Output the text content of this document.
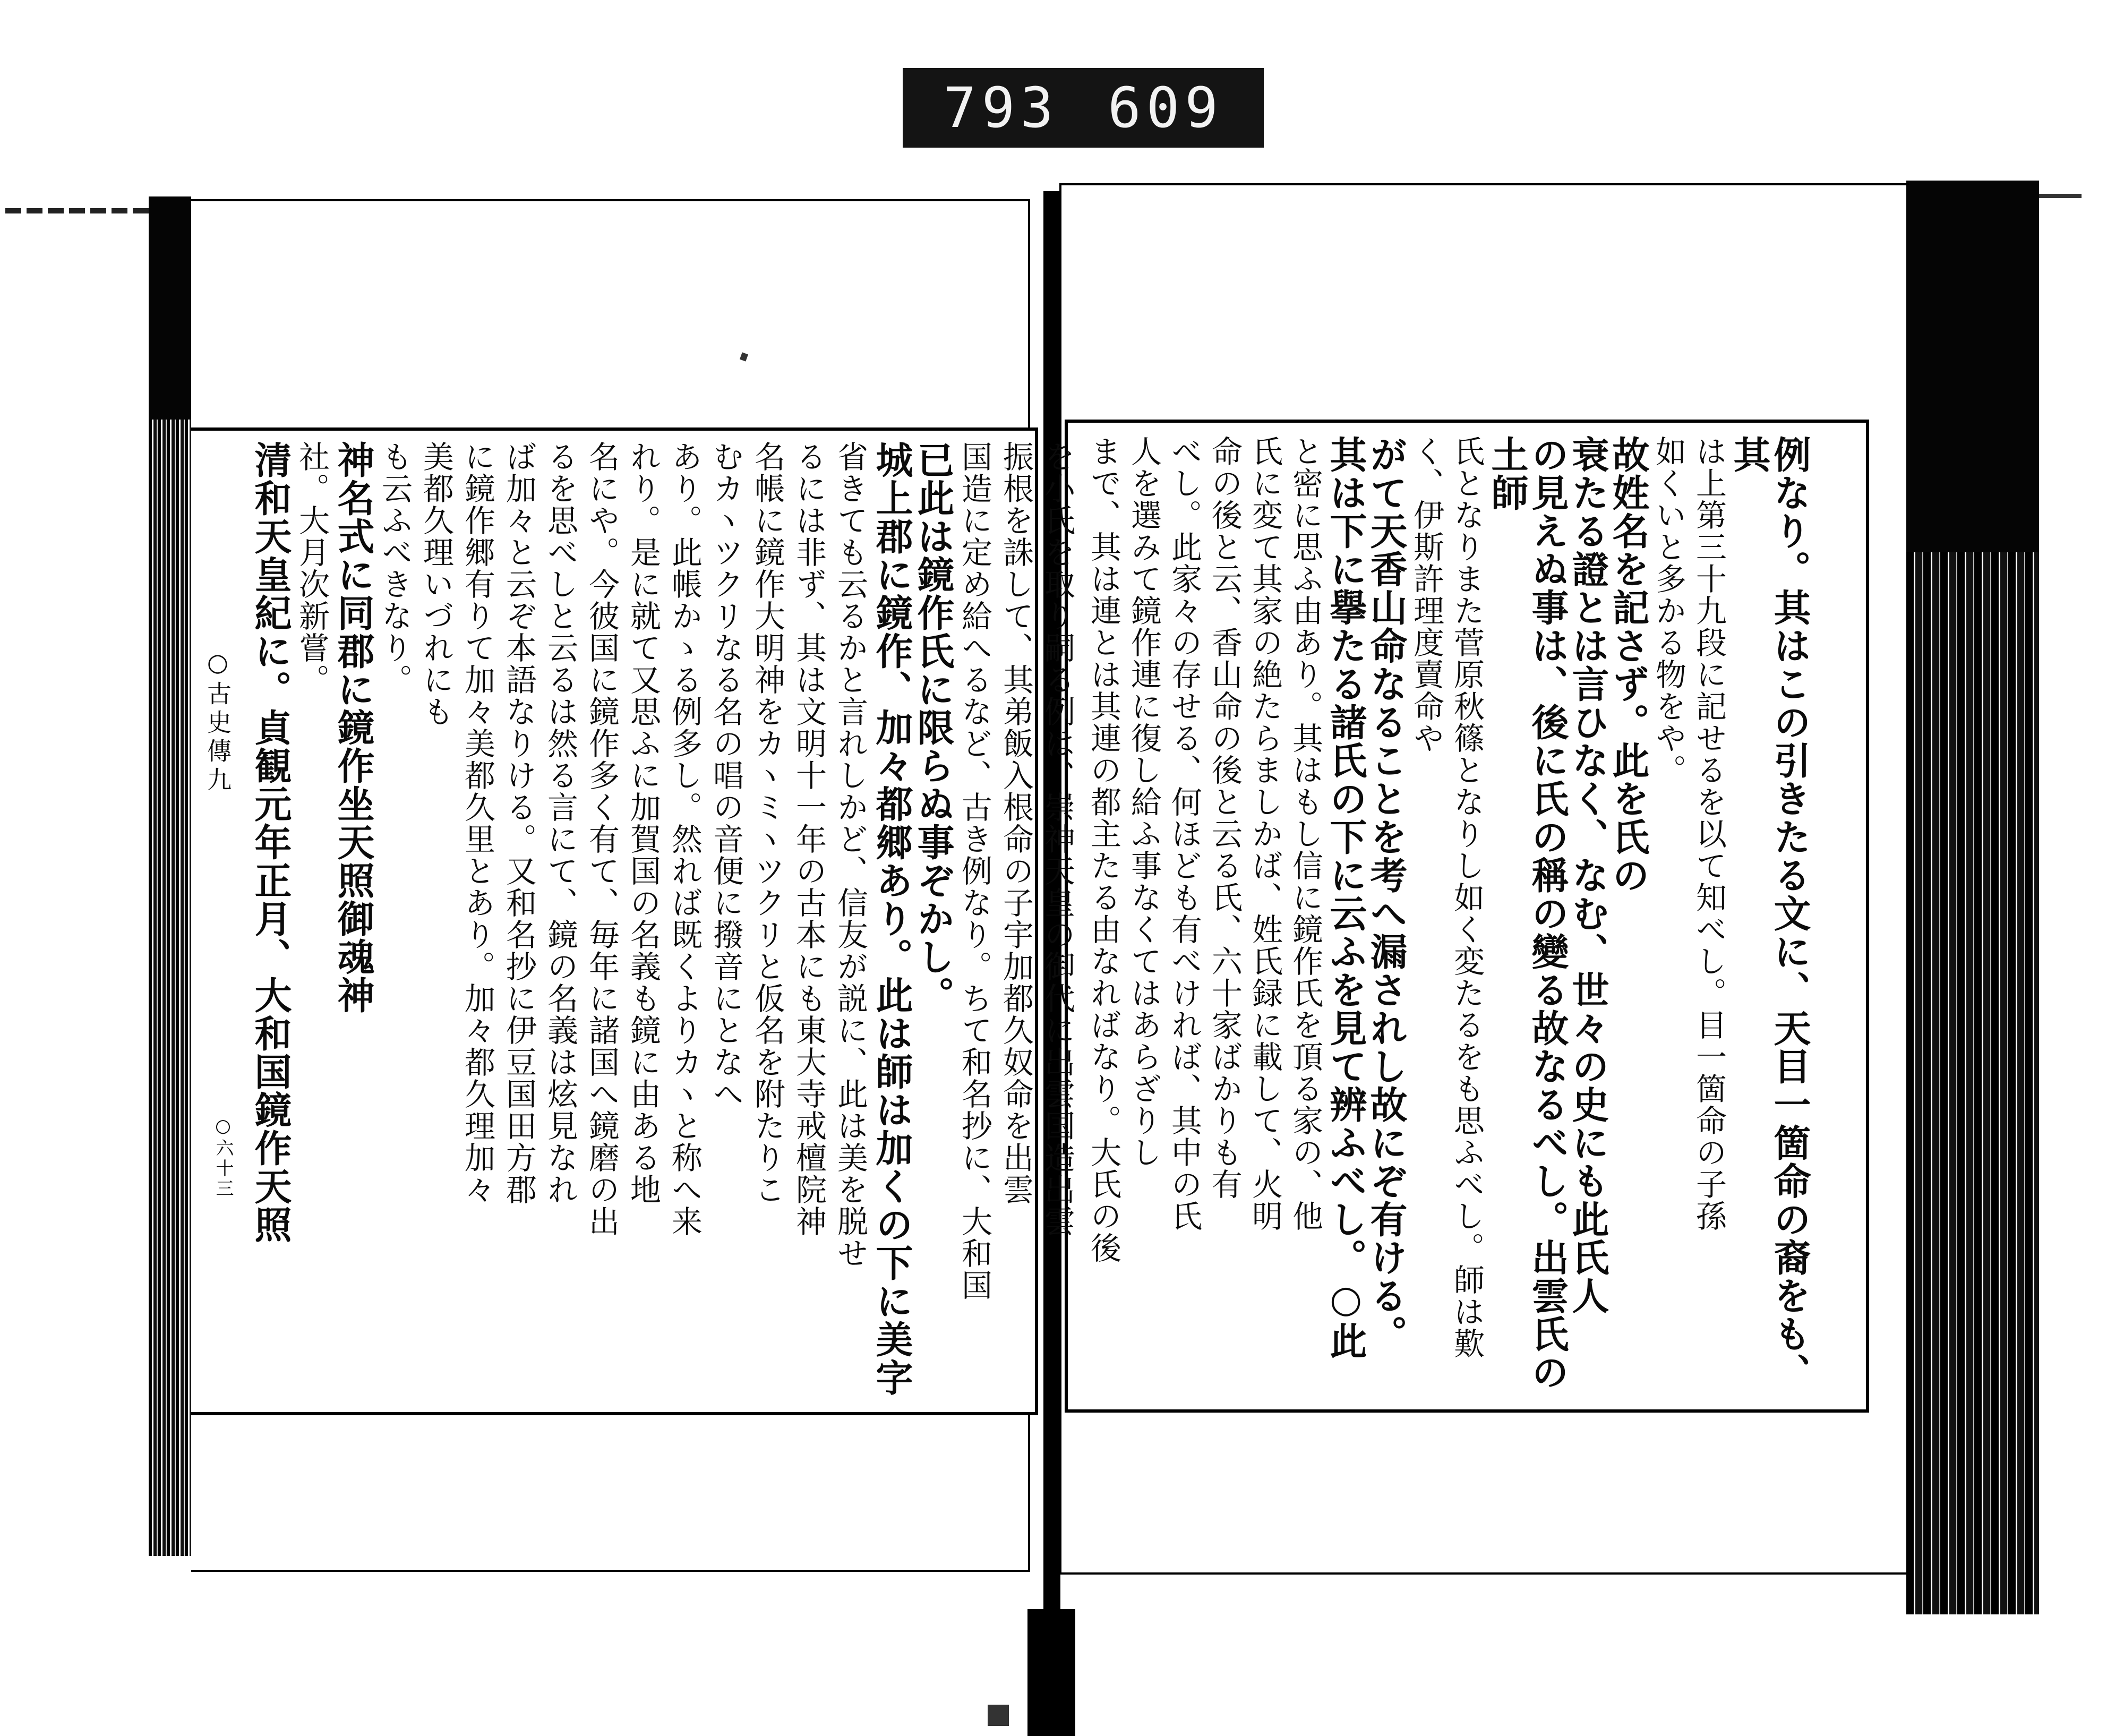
793 609
○古史傳九
○六十三	を小氏を取り嗣る例は、崇神天皇の御代に出雲国造出雲
振根を誅して、其弟飯入根命の子宇加都久奴命を出雲
国造に定め給へるなど、古き例なり。ちて和名抄に、大和国
已此は鏡作氏に限らぬ事ぞかし。
城上郡に鏡作、加々都郷あり。此は師は加くの下に美字
省きても云るかと言れしかど、信友が説に、此は美を脱せ
るには非ず、其は文明十一年の古本にも東大寺戒檀院神
名帳に鏡作大明神をカヽミヽツクリと仮名を附たりこ
むカヽツクリなる名の唱の音便に撥音にとなへ
あり。此帳かゝる例多し。然れば既くよりカヽと称へ来
れり。是に就て又思ふに加賀国の名義も鏡に由ある地
名にや。今彼国に鏡作多く有て、毎年に諸国へ鏡磨の出
るを思べしと云るは然る言にて、鏡の名義は炫見なれ
ば加々と云ぞ本語なりける。又和名抄に伊豆国田方郡
に鏡作郷有りて加々美都久里とあり。加々都久理加々
美都久理いづれにも
も云ふべきなり。
神名式に同郡に鏡作坐天照御魂神
社。大月次新嘗。
清和天皇紀に。貞観元年正月、大和国鏡作天照	例なり。其はこの引きたる文に、天目一箇命の裔をも、其
は上第三十九段に記せるを以て知べし。目一箇命の子孫
如くいと多かる物をや。
故姓名を記さず。此を氏の
衰たる證とは言ひなく、なむ、世々の史にも此氏人
の見えぬ事は、後に氏の稱の變る故なるべし。出雲氏の土師
氏となりまた菅原秋篠となりし如く変たるをも思ふべし。師は歎く、伊斯許理度賣命や
がて天香山命なることを考へ漏されし故にぞ有ける。
其は下に擧たる諸氏の下に云ふを見て辨ふべし。○此
と密に思ふ由あり。其はもし信に鏡作氏を頂る家の、他
氏に変て其家の絶たらましかば、姓氏録に載して、火明
命の後と云、香山命の後と云る氏、六十家ばかりも有
べし。此家々の存せる、何ほども有べければ、其中の氏
人を選みて鏡作連に復し給ふ事なくてはあらざりし
まで、其は連とは其連の都主たる由なればなり。大氏の後
